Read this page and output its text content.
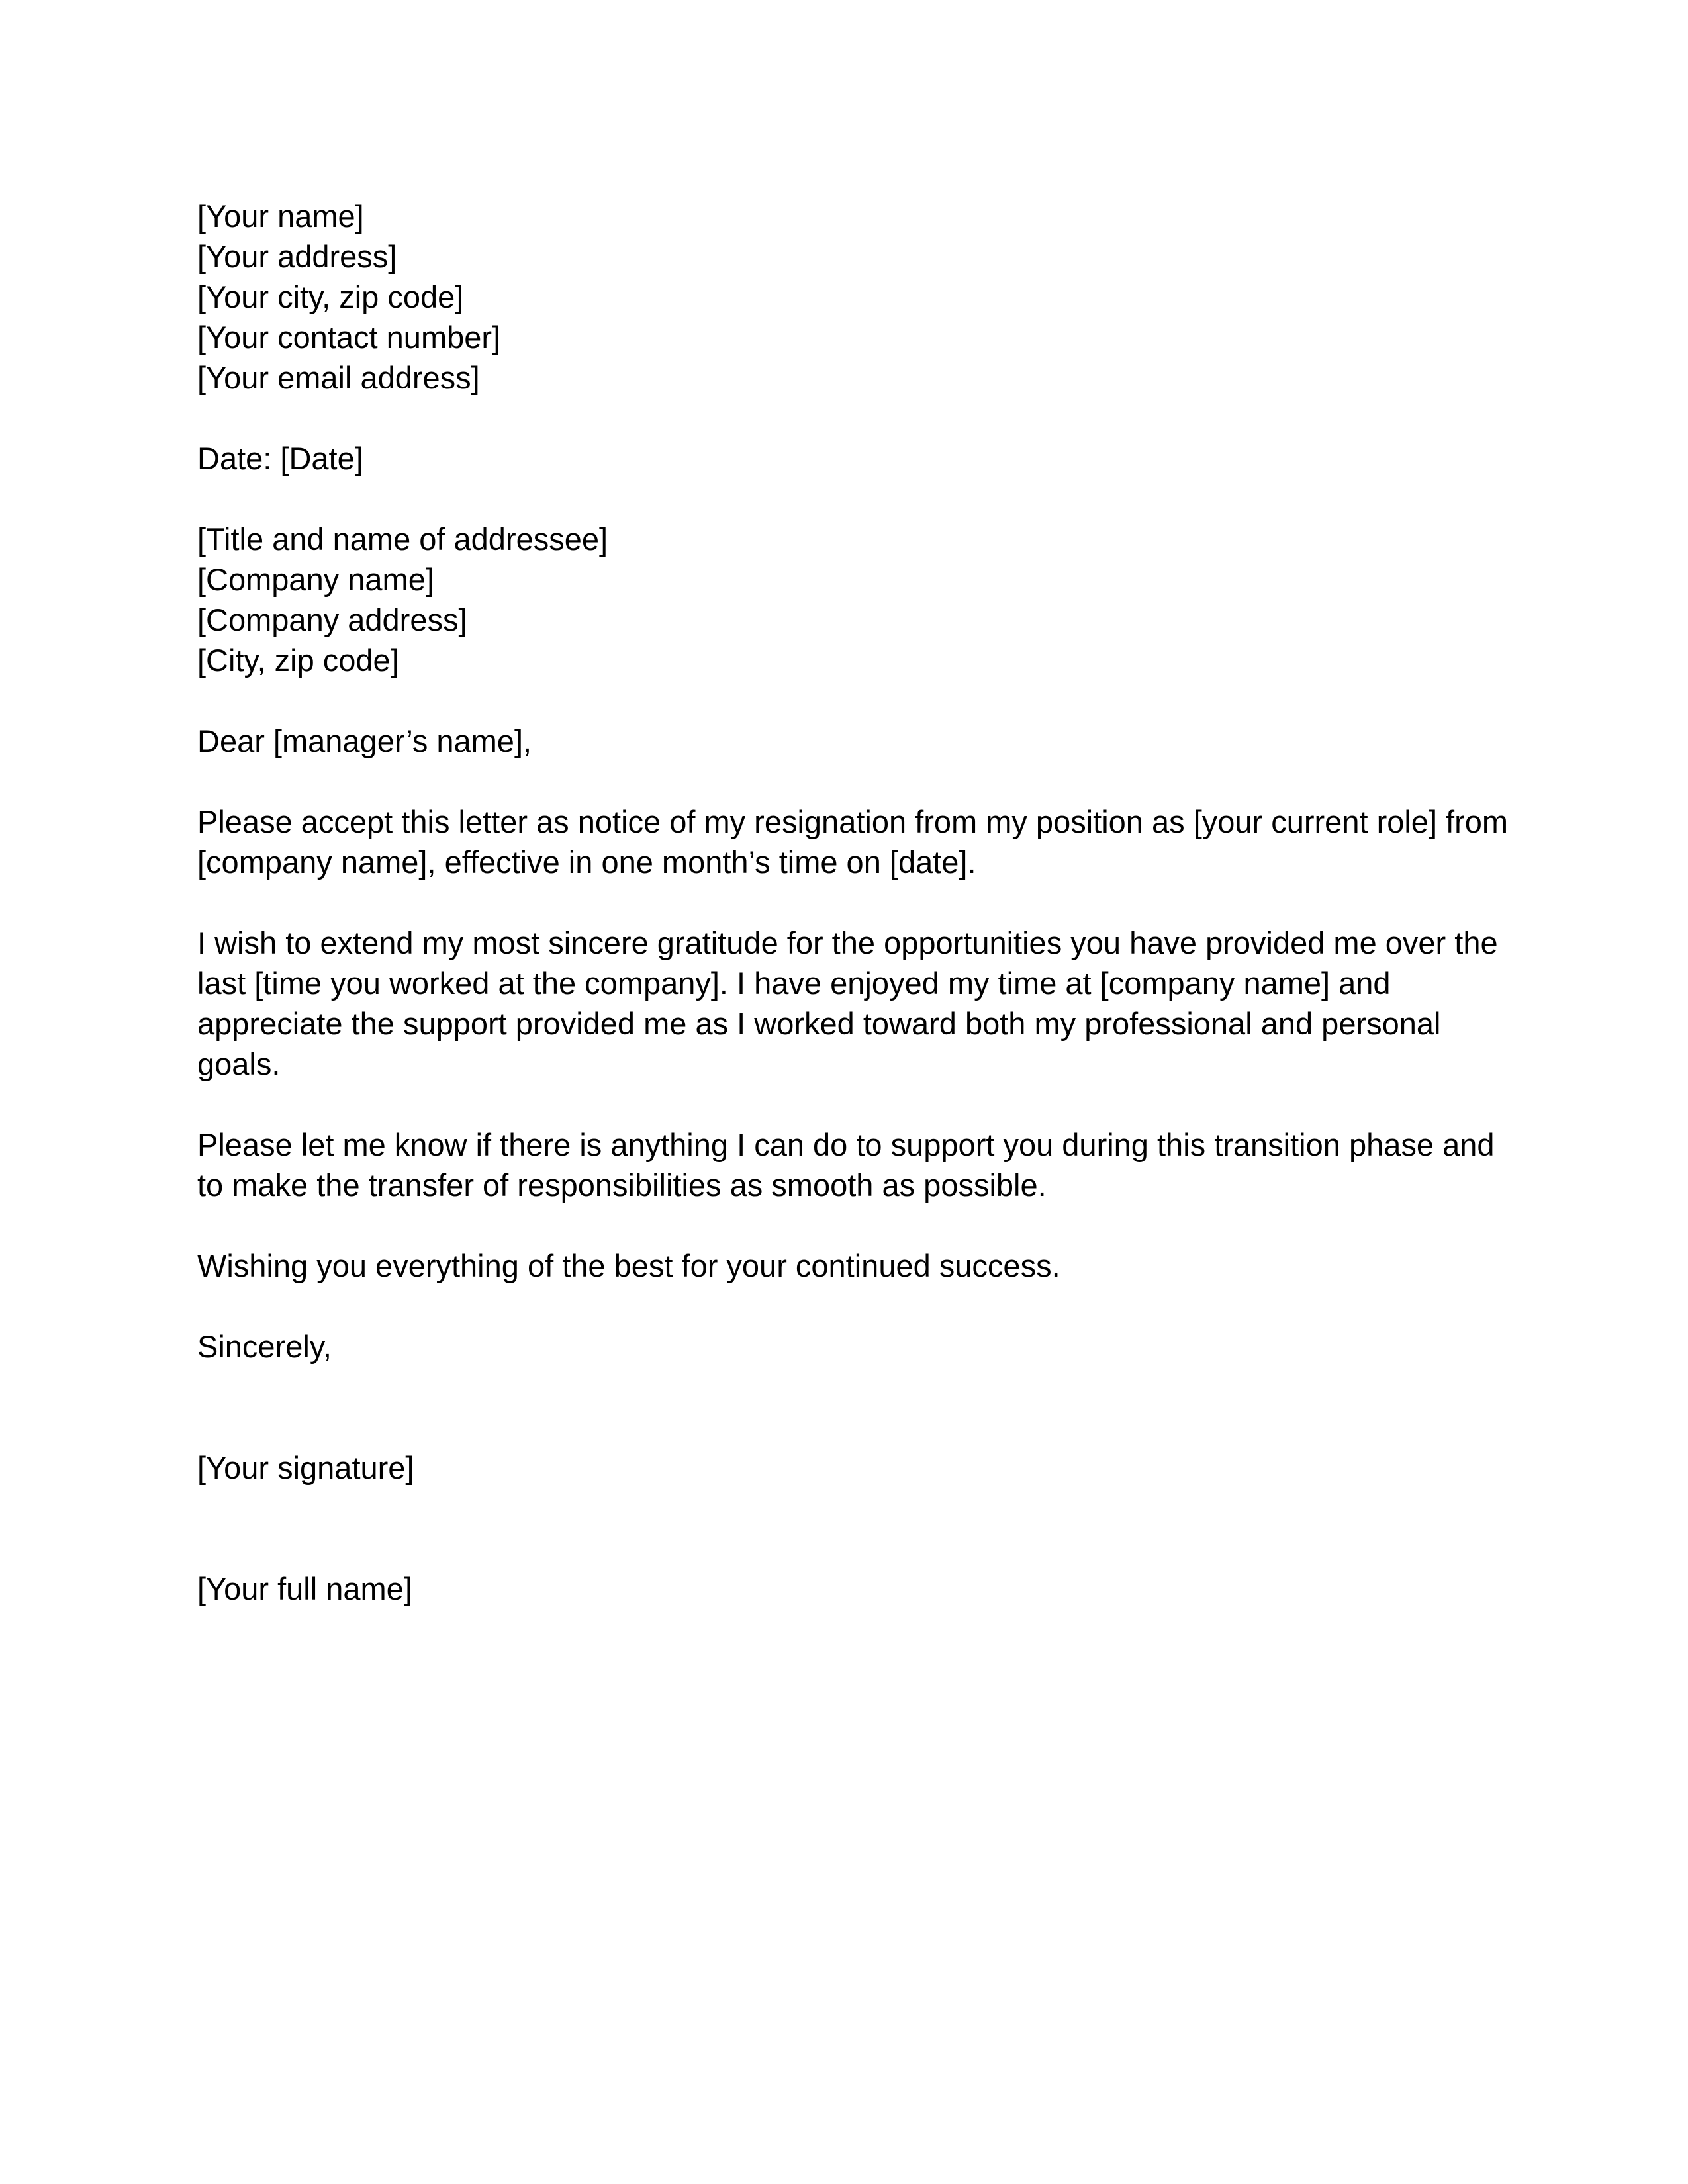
[Your name]
[Your address]
[Your city, zip code]
[Your contact number]
[Your email address]
Date: [Date]
[Title and name of addressee]
[Company name]
[Company address]
[City, zip code]
Dear [manager’s name],
Please accept this letter as notice of my resignation from my position as [your current role] from
[company name], effective in one month’s time on [date].
I wish to extend my most sincere gratitude for the opportunities you have provided me over the
last [time you worked at the company]. I have enjoyed my time at [company name] and
appreciate the support provided me as I worked toward both my professional and personal
goals.
Please let me know if there is anything I can do to support you during this transition phase and
to make the transfer of responsibilities as smooth as possible.
Wishing you everything of the best for your continued success.
Sincerely,
[Your signature]
[Your full name]
